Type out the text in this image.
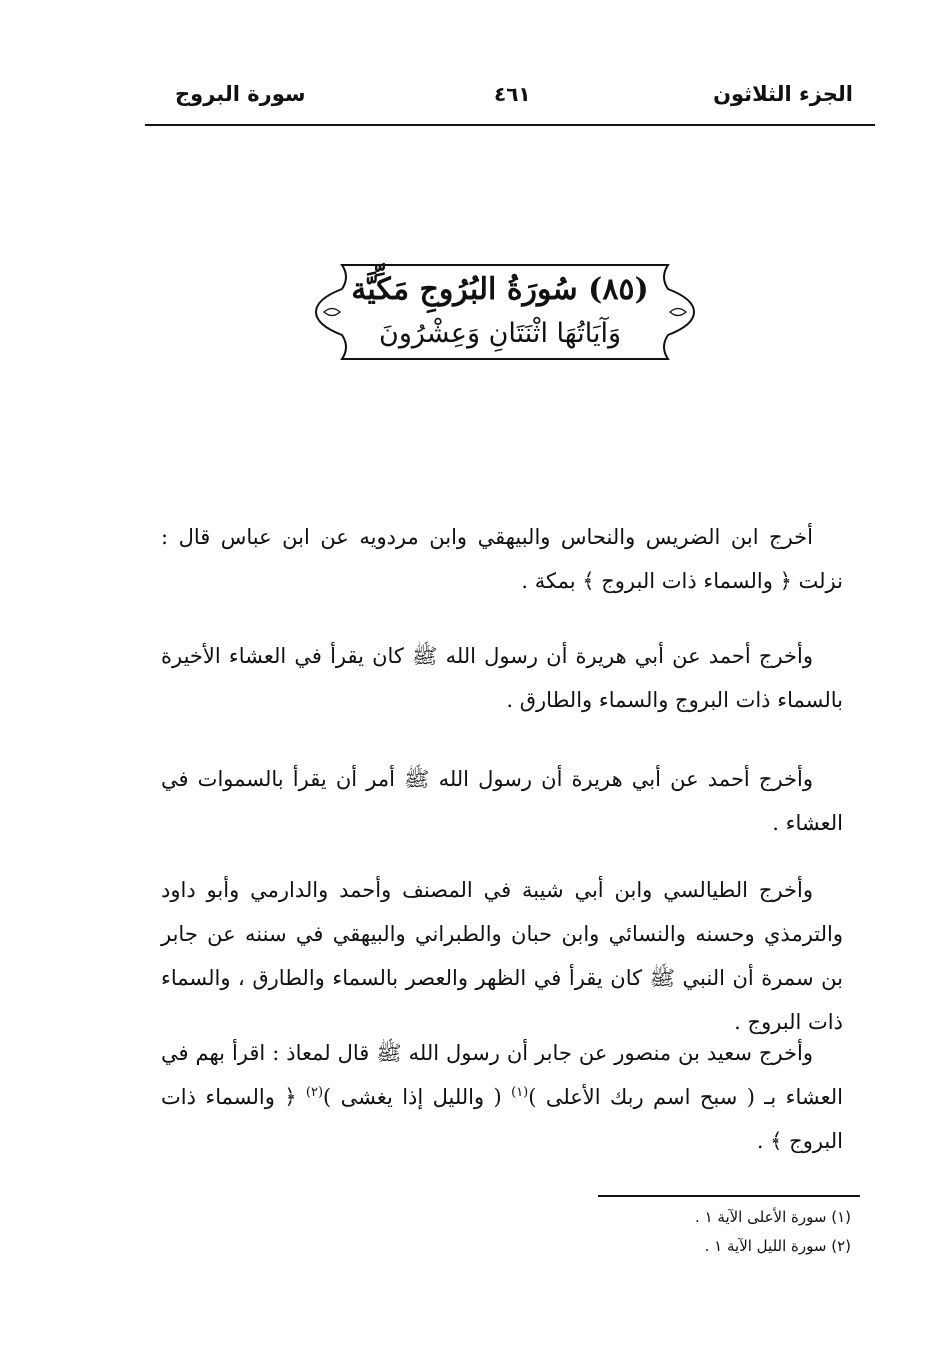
الجزء الثلاثون
٤٦١
سورة البروج
(٨٥) سُورَةُ البُرُوجِ مَكِّيَّة
وَآيَاتُهَا اثْنَتَانِ وَعِشْرُونَ

أخرج ابن الضريس والنحاس والبيهقي وابن مردويه عن ابن عباس قال : نزلت ﴿ والسماء ذات البروج ﴾ بمكة .

وأخرج أحمد عن أبي هريرة أن رسول الله ﷺ كان يقرأ في العشاء الأخيرة بالسماء ذات البروج والسماء والطارق .

وأخرج أحمد عن أبي هريرة أن رسول الله ﷺ أمر أن يقرأ بالسموات في العشاء .

وأخرج الطيالسي وابن أبي شيبة في المصنف وأحمد والدارمي وأبو داود والترمذي وحسنه والنسائي وابن حبان والطبراني والبيهقي في سننه عن جابر بن سمرة أن النبي ﷺ كان يقرأ في الظهر والعصر بالسماء والطارق ، والسماء ذات البروج .

وأخرج سعيد بن منصور عن جابر أن رسول الله ﷺ قال لمعاذ : اقرأ بهم في العشاء بـ ( سبح اسم ربك الأعلى )$^{(١)}$ ( والليل إذا يغشى )$^{(٢)}$ ﴿ والسماء ذات البروج ﴾ .

(١) سورة الأعلى الآية ١ .
(٢) سورة الليل الآية ١ .
